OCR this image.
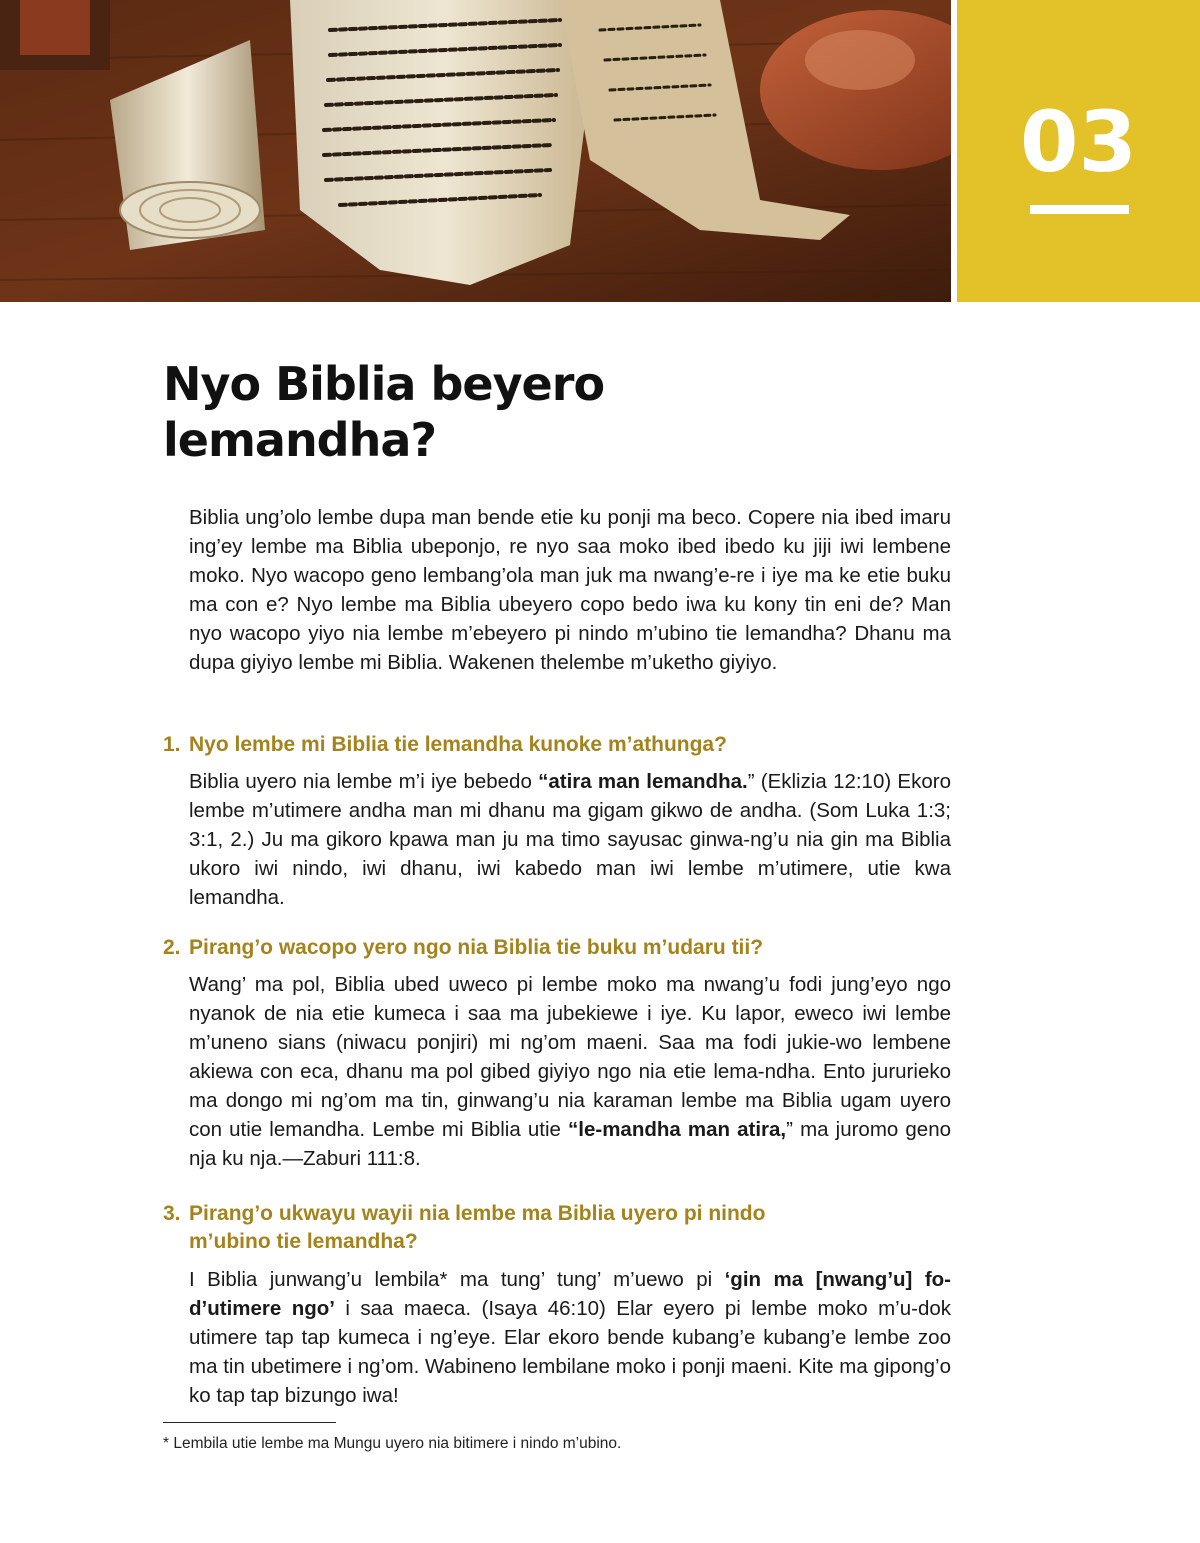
03
Nyo Biblia beyero
lemandha?

Biblia ung’olo lembe dupa man bende etie ku ponji ma beco. Copere nia ibed imaru ing’ey lembe ma Biblia ubeponjo, re nyo saa moko ibed ibedo ku jiji iwi lembene moko. Nyo wacopo geno lembang’ola man juk ma nwang’e-re i iye ma ke etie buku ma con e? Nyo lembe ma Biblia ubeyero copo bedo iwa ku kony tin eni de? Man nyo wacopo yiyo nia lembe m’ebeyero pi nindo m’ubino tie lemandha? Dhanu ma dupa giyiyo lembe mi Biblia. Wakenen thelembe m’uketho giyiyo.

1. Nyo lembe mi Biblia tie lemandha kunoke m’athunga?

Biblia uyero nia lembe m’i iye bebedo “atira man lemandha.” (Eklizia 12:10) Ekoro lembe m’utimere andha man mi dhanu ma gigam gikwo de andha. (Som Luka 1:3; 3:1, 2.) Ju ma gikoro kpawa man ju ma timo sayusac ginwa-ng’u nia gin ma Biblia ukoro iwi nindo, iwi dhanu, iwi kabedo man iwi lembe m’utimere, utie kwa lemandha.

2. Pirang’o wacopo yero ngo nia Biblia tie buku m’udaru tii?

Wang’ ma pol, Biblia ubed uweco pi lembe moko ma nwang’u fodi jung’eyo ngo nyanok de nia etie kumeca i saa ma jubekiewe i iye. Ku lapor, eweco iwi lembe m’uneno sians (niwacu ponjiri) mi ng’om maeni. Saa ma fodi jukie-wo lembene akiewa con eca, dhanu ma pol gibed giyiyo ngo nia etie lema-ndha. Ento jururieko ma dongo mi ng’om ma tin, ginwang’u nia karaman lembe ma Biblia ugam uyero con utie lemandha. Lembe mi Biblia utie “le-mandha man atira,” ma juromo geno nja ku nja.—Zaburi 111:8.

3. Pirang’o ukwayu wayii nia lembe ma Biblia uyero pi nindo
m’ubino tie lemandha?

I Biblia junwang’u lembila* ma tung’ tung’ m’uewo pi ‘gin ma [nwang’u] fo-d’utimere ngo’ i saa maeca. (Isaya 46:10) Elar eyero pi lembe moko m’u-dok utimere tap tap kumeca i ng’eye. Elar ekoro bende kubang’e kubang’e lembe zoo ma tin ubetimere i ng’om. Wabineno lembilane moko i ponji maeni. Kite ma gipong’o ko tap tap bizungo iwa!

* Lembila utie lembe ma Mungu uyero nia bitimere i nindo m’ubino.
